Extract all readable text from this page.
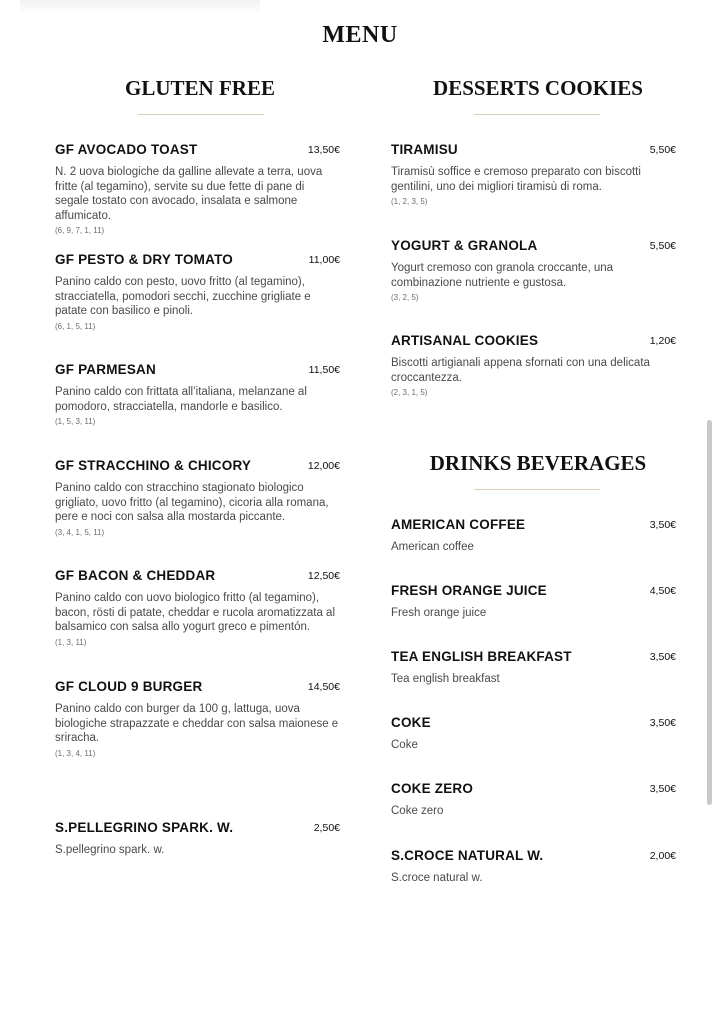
MENU
GLUTEN FREE
GF AVOCADO TOAST	13,50€
N. 2 uova biologiche da galline allevate a terra, uova fritte (al tegamino), servite su due fette di pane di segale tostato con avocado, insalata e salmone affumicato.
(6, 9, 7, 1, 11)
GF PESTO & DRY TOMATO	11,00€
Panino caldo con pesto, uovo fritto (al tegamino), stracciatella, pomodori secchi, zucchine grigliate e patate con basilico e pinoli.
(6, 1, 5, 11)
GF PARMESAN	11,50€
Panino caldo con frittata all’italiana, melanzane al pomodoro, stracciatella, mandorle e basilico.
(1, 5, 3, 11)
GF STRACCHINO & CHICORY	12,00€
Panino caldo con stracchino stagionato biologico grigliato, uovo fritto (al tegamino), cicoria alla romana, pere e noci con salsa alla mostarda piccante.
(3, 4, 1, 5, 11)
GF BACON & CHEDDAR	12,50€
Panino caldo con uovo biologico fritto (al tegamino), bacon, rösti di patate, cheddar e rucola aromatizzata al balsamico con salsa allo yogurt greco e pimentón.
(1, 3, 11)
GF CLOUD 9 BURGER	14,50€
Panino caldo con burger da 100 g, lattuga, uova biologiche strapazzate e cheddar con salsa maionese e sriracha.
(1, 3, 4, 11)
S.PELLEGRINO SPARK. W.	2,50€
S.pellegrino spark. w.
DESSERTS COOKIES
TIRAMISU	5,50€
Tiramisù soffice e cremoso preparato con biscotti gentilini, uno dei migliori tiramisù di roma.
(1, 2, 3, 5)
YOGURT & GRANOLA	5,50€
Yogurt cremoso con granola croccante, una combinazione nutriente e gustosa.
(3, 2, 5)
ARTISANAL COOKIES	1,20€
Biscotti artigianali appena sfornati con una delicata croccantezza.
(2, 3, 1, 5)
DRINKS BEVERAGES
AMERICAN COFFEE	3,50€
American coffee
FRESH ORANGE JUICE	4,50€
Fresh orange juice
TEA ENGLISH BREAKFAST	3,50€
Tea english breakfast
COKE	3,50€
Coke
COKE ZERO	3,50€
Coke zero
S.CROCE NATURAL W.	2,00€
S.croce natural w.
